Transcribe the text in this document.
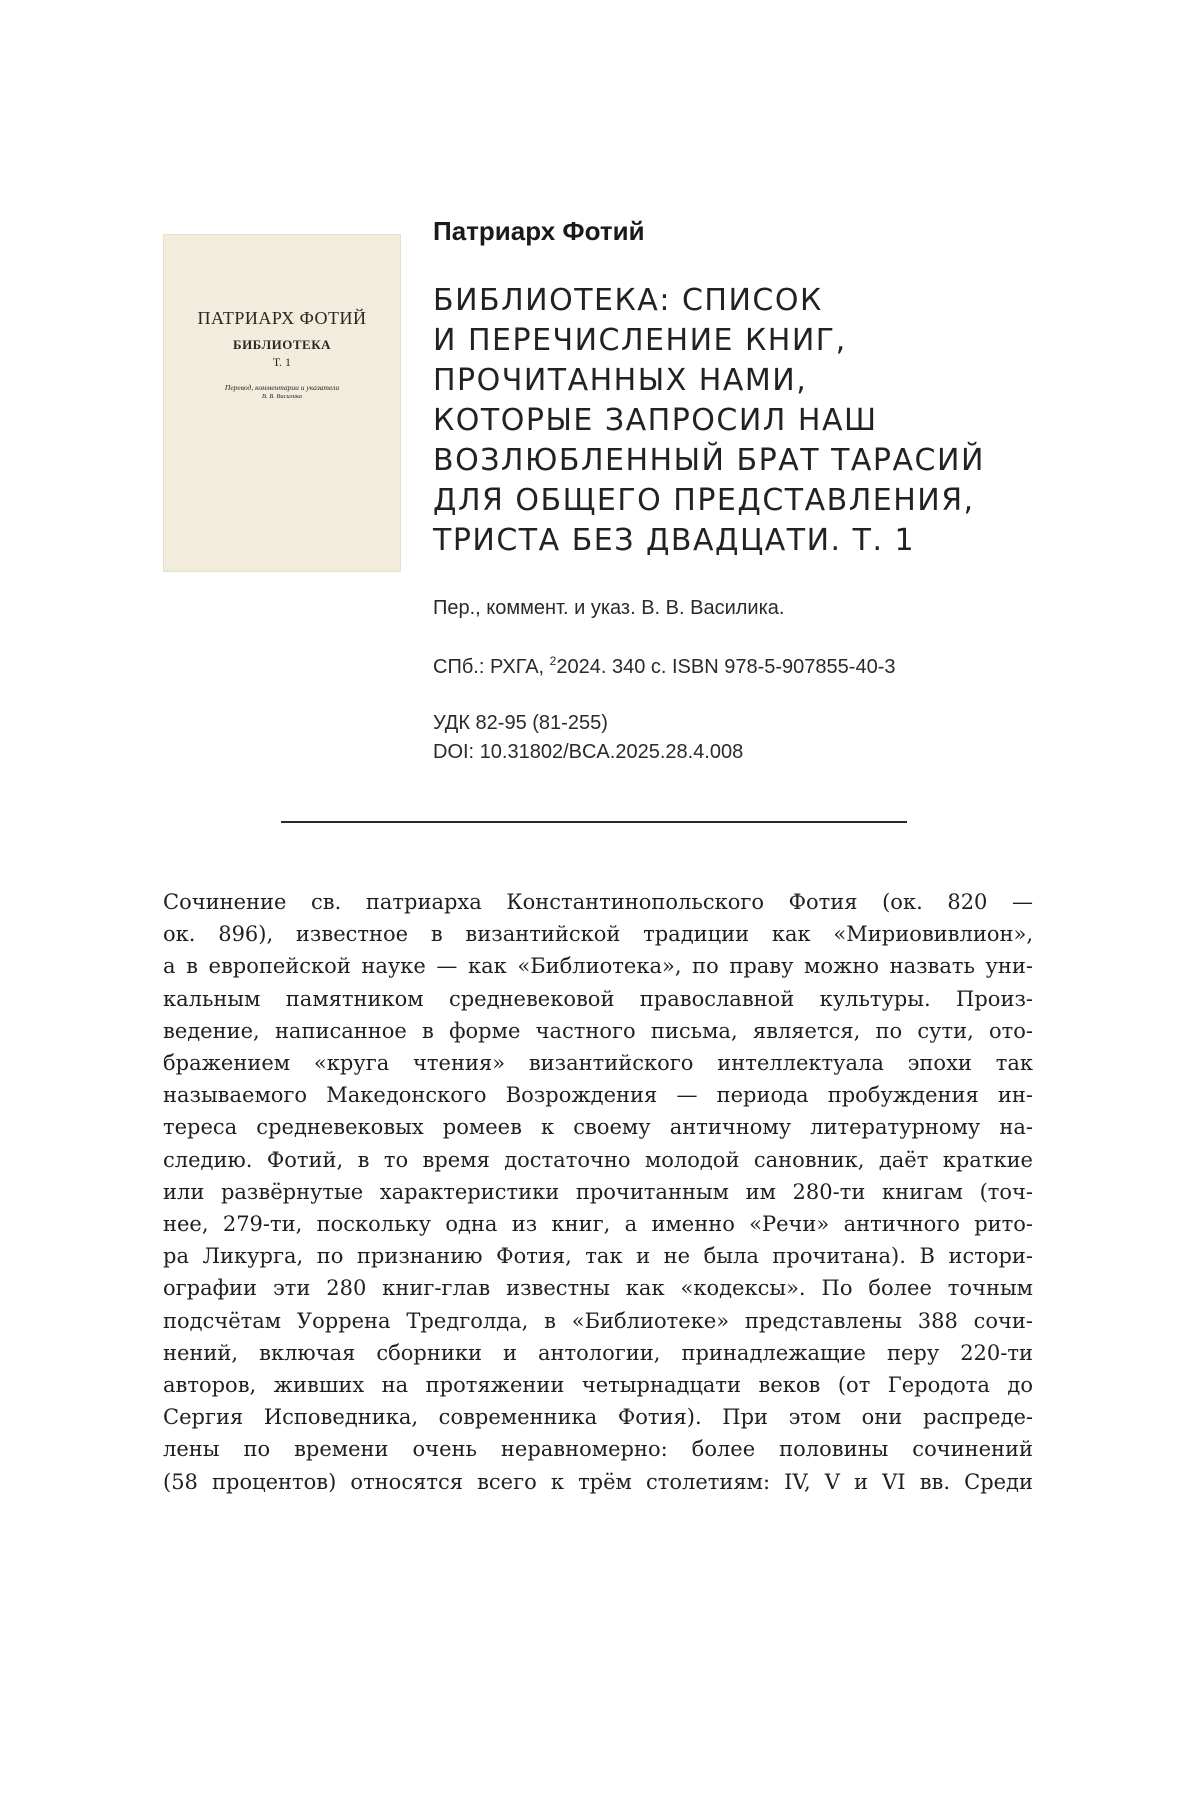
ПАТРИАРХ ФОТИЙ
БИБЛИОТЕКА
Т. 1
Перевод, комментарии и указатели
В. В. Василика
Патриарх Фотий
БИБЛИОТЕКА: СПИСОК
И ПЕРЕЧИСЛЕНИЕ КНИГ,
ПРОЧИТАННЫХ НАМИ,
КОТОРЫЕ ЗАПРОСИЛ НАШ
ВОЗЛЮБЛЕННЫЙ БРАТ ТАРАСИЙ
ДЛЯ ОБЩЕГО ПРЕДСТАВЛЕНИЯ,
ТРИСТА БЕЗ ДВАДЦАТИ. Т. 1
Пер., коммент. и указ. В. В. Василика.
СПб.: РХГА, $^2$2024. 340 с. ISBN 978-5-907855-40-3
УДК 82-95 (81-255)
DOI: 10.31802/BCA.2025.28.4.008
Сочинение св. патриарха Константинопольского Фотия (ок. 820 —
ок. 896), известное в византийской традиции как «Мириовивлион»,
а в европейской науке — как «Библиотека», по праву можно назвать уни-
кальным памятником средневековой православной культуры. Произ-
ведение, написанное в форме частного письма, является, по сути, ото-
бражением «круга чтения» византийского интеллектуала эпохи так
называемого Македонского Возрождения — периода пробуждения ин-
тереса средневековых ромеев к своему античному литературному на-
следию. Фотий, в то время достаточно молодой сановник, даёт краткие
или развёрнутые характеристики прочитанным им 280-ти книгам (точ-
нее, 279-ти, поскольку одна из книг, а именно «Речи» античного рито-
ра Ликурга, по признанию Фотия, так и не была прочитана). В истори-
ографии эти 280 книг-глав известны как «кодексы». По более точным
подсчётам Уоррена Тредголда, в «Библиотеке» представлены 388 сочи-
нений, включая сборники и антологии, принадлежащие перу 220-ти
авторов, живших на протяжении четырнадцати веков (от Геродота до
Сергия Исповедника, современника Фотия). При этом они распреде-
лены по времени очень неравномерно: более половины сочинений
(58 процентов) относятся всего к трём столетиям: IV, V и VI вв. Среди
